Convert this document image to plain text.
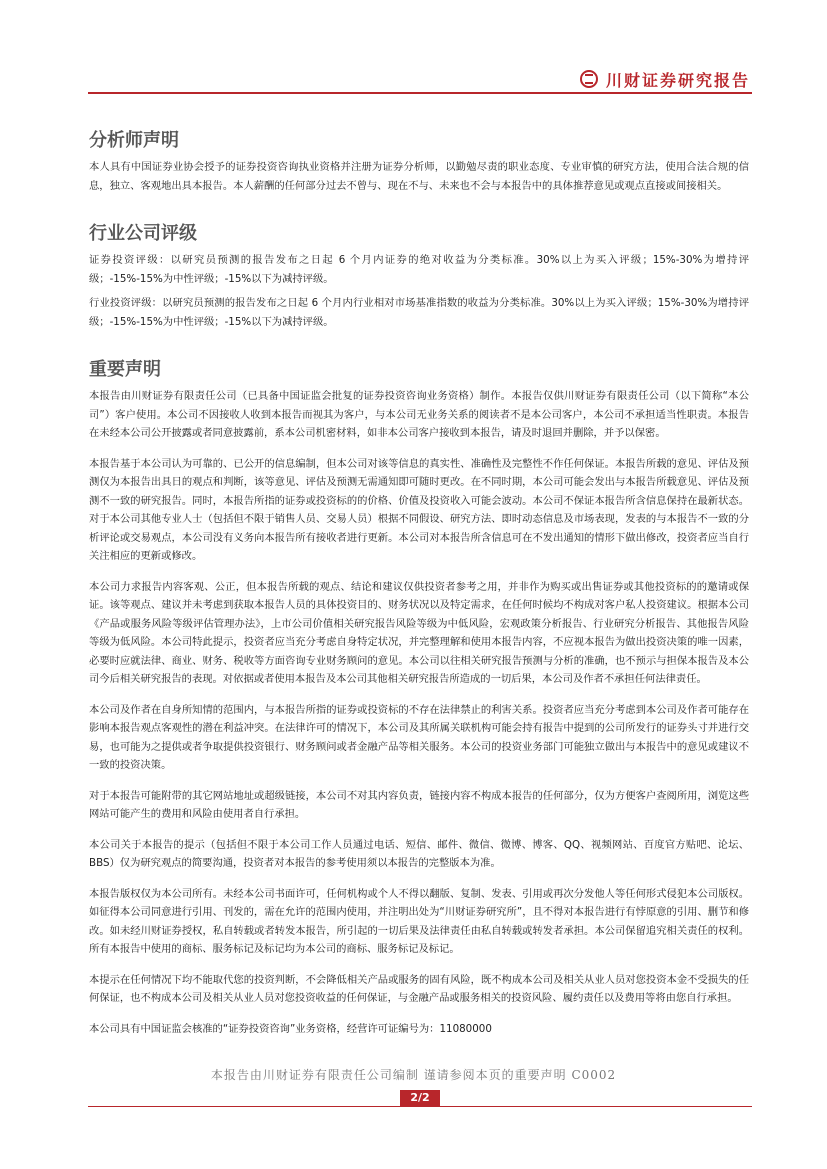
川财证券研究报告
分析师声明

本人具有中国证券业协会授予的证券投资咨询执业资格并注册为证券分析师，以勤勉尽责的职业态度、专业审慎的研究方法，使用合法合规的信息，独立、客观地出具本报告。本人薪酬的任何部分过去不曾与、现在不与、未来也不会与本报告中的具体推荐意见或观点直接或间接相关。

行业公司评级

证券投资评级：以研究员预测的报告发布之日起 6 个月内证券的绝对收益为分类标准。30%以上为买入评级；15%-30%为增持评级；-15%-15%为中性评级；-15%以下为减持评级。

行业投资评级：以研究员预测的报告发布之日起 6 个月内行业相对市场基准指数的收益为分类标准。30%以上为买入评级；15%-30%为增持评级；-15%-15%为中性评级；-15%以下为减持评级。

重要声明

本报告由川财证券有限责任公司（已具备中国证监会批复的证券投资咨询业务资格）制作。本报告仅供川财证券有限责任公司（以下简称“本公司”）客户使用。本公司不因接收人收到本报告而视其为客户，与本公司无业务关系的阅读者不是本公司客户，本公司不承担适当性职责。本报告在未经本公司公开披露或者同意披露前，系本公司机密材料，如非本公司客户接收到本报告，请及时退回并删除，并予以保密。

本报告基于本公司认为可靠的、已公开的信息编制，但本公司对该等信息的真实性、准确性及完整性不作任何保证。本报告所载的意见、评估及预测仅为本报告出具日的观点和判断，该等意见、评估及预测无需通知即可随时更改。在不同时期，本公司可能会发出与本报告所载意见、评估及预测不一致的研究报告。同时，本报告所指的证券或投资标的的价格、价值及投资收入可能会波动。本公司不保证本报告所含信息保持在最新状态。对于本公司其他专业人士（包括但不限于销售人员、交易人员）根据不同假设、研究方法、即时动态信息及市场表现，发表的与本报告不一致的分析评论或交易观点，本公司没有义务向本报告所有接收者进行更新。本公司对本报告所含信息可在不发出通知的情形下做出修改，投资者应当自行关注相应的更新或修改。

本公司力求报告内容客观、公正，但本报告所载的观点、结论和建议仅供投资者参考之用，并非作为购买或出售证券或其他投资标的的邀请或保证。该等观点、建议并未考虑到获取本报告人员的具体投资目的、财务状况以及特定需求，在任何时候均不构成对客户私人投资建议。根据本公司《产品或服务风险等级评估管理办法》，上市公司价值相关研究报告风险等级为中低风险，宏观政策分析报告、行业研究分析报告、其他报告风险等级为低风险。本公司特此提示，投资者应当充分考虑自身特定状况，并完整理解和使用本报告内容，不应视本报告为做出投资决策的唯一因素，必要时应就法律、商业、财务、税收等方面咨询专业财务顾问的意见。本公司以往相关研究报告预测与分析的准确，也不预示与担保本报告及本公司今后相关研究报告的表现。对依据或者使用本报告及本公司其他相关研究报告所造成的一切后果，本公司及作者不承担任何法律责任。

本公司及作者在自身所知情的范围内，与本报告所指的证券或投资标的不存在法律禁止的利害关系。投资者应当充分考虑到本公司及作者可能存在影响本报告观点客观性的潜在利益冲突。在法律许可的情况下，本公司及其所属关联机构可能会持有报告中提到的公司所发行的证券头寸并进行交易，也可能为之提供或者争取提供投资银行、财务顾问或者金融产品等相关服务。本公司的投资业务部门可能独立做出与本报告中的意见或建议不一致的投资决策。

对于本报告可能附带的其它网站地址或超级链接，本公司不对其内容负责，链接内容不构成本报告的任何部分，仅为方便客户查阅所用，浏览这些网站可能产生的费用和风险由使用者自行承担。

本公司关于本报告的提示（包括但不限于本公司工作人员通过电话、短信、邮件、微信、微博、博客、QQ、视频网站、百度官方贴吧、论坛、BBS）仅为研究观点的简要沟通，投资者对本报告的参考使用须以本报告的完整版本为准。

本报告版权仅为本公司所有。未经本公司书面许可，任何机构或个人不得以翻版、复制、发表、引用或再次分发他人等任何形式侵犯本公司版权。如征得本公司同意进行引用、刊发的，需在允许的范围内使用，并注明出处为“川财证券研究所”，且不得对本报告进行有悖原意的引用、删节和修改。如未经川财证券授权，私自转载或者转发本报告，所引起的一切后果及法律责任由私自转载或转发者承担。本公司保留追究相关责任的权利。所有本报告中使用的商标、服务标记及标记均为本公司的商标、服务标记及标记。

本提示在任何情况下均不能取代您的投资判断，不会降低相关产品或服务的固有风险，既不构成本公司及相关从业人员对您投资本金不受损失的任何保证，也不构成本公司及相关从业人员对您投资收益的任何保证，与金融产品或服务相关的投资风险、履约责任以及费用等将由您自行承担。

本公司具有中国证监会核准的“证券投资咨询”业务资格，经营许可证编号为：11080000

本报告由川财证券有限责任公司编制 谨请参阅本页的重要声明 C0002
2/2
